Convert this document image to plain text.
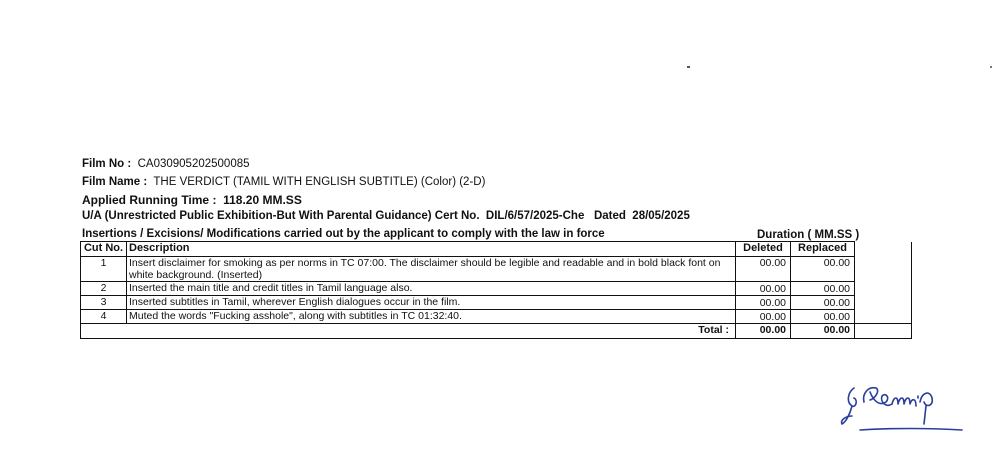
Film No : CA030905202500085
Film Name : THE VERDICT (TAMIL WITH ENGLISH SUBTITLE) (Color) (2-D)
Applied Running Time : 118.20 MM.SS
U/A (Unrestricted Public Exhibition-But With Parental Guidance) Cert No. DIL/6/57/2025-Che Dated 28/05/2025
Insertions / Excisions/ Modifications carried out by the applicant to comply with the law in force	Duration ( MM.SS )
Cut No.	Description	Deleted	Replaced	
1	Insert disclaimer for smoking as per norms in TC 07:00. The disclaimer should be legible and readable and in bold black font on white background. (Inserted)	00.00	00.00	
2	Inserted the main title and credit titles in Tamil language also.	00.00	00.00	
3	Inserted subtitles in Tamil, wherever English dialogues occur in the film.	00.00	00.00	
4	Muted the words "Fucking asshole", along with subtitles in TC 01:32:40.	00.00	00.00	
	Total :	00.00	00.00	
